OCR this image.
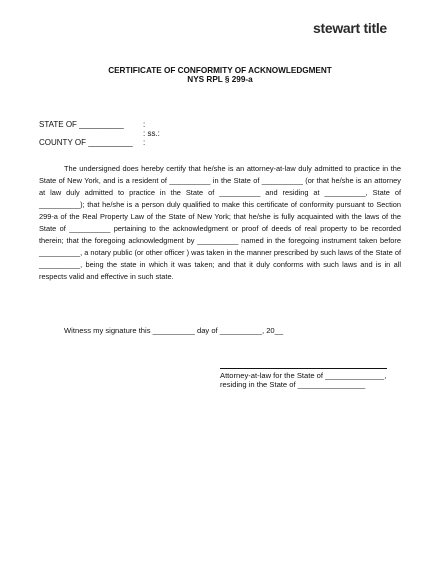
stewart title
CERTIFICATE OF CONFORMITY OF ACKNOWLEDGMENT
NYS RPL § 299-a
STATE OF __________ :
: ss.:
:
COUNTY OF __________

The undersigned does hereby certify that he/she is an attorney-at-law duly admitted to practice in the State of New York, and is a resident of __________ in the State of __________ (or that he/she is an attorney at law duly admitted to practice in the State of __________ and residing at __________, State of __________); that he/she is a person duly qualified to make this certificate of conformity pursuant to Section 299-a of the Real Property Law of the State of New York; that he/she is fully acquainted with the laws of the State of __________ pertaining to the acknowledgment or proof of deeds of real property to be recorded therein; that the foregoing acknowledgment by __________ named in the foregoing instrument taken before __________, a notary public (or other officer ) was taken in the manner prescribed by such laws of the State of __________, being the state in which it was taken; and that it duly conforms with such laws and is in all respects valid and effective in such state.

Witness my signature this __________ day of __________, 20__
Attorney-at-law for the State of ______________,
residing in the State of ________________
